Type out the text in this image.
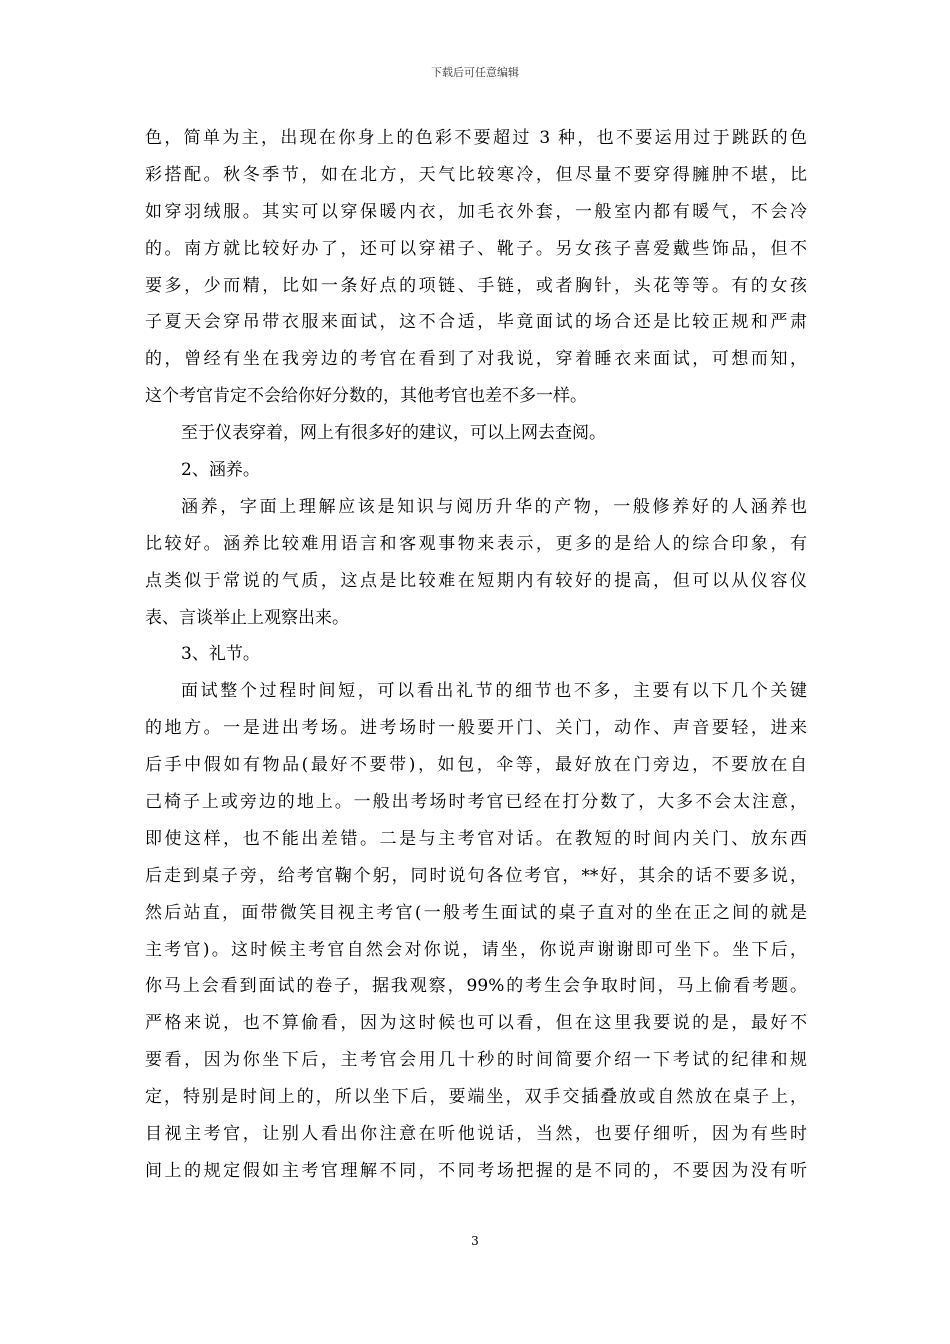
下载后可任意编辑
色，简单为主，出现在你身上的色彩不要超过 3 种，也不要运用过于跳跃的色
彩搭配。秋冬季节，如在北方，天气比较寒冷，但尽量不要穿得臃肿不堪，比
如穿羽绒服。其实可以穿保暖内衣，加毛衣外套，一般室内都有暖气，不会冷
的。南方就比较好办了，还可以穿裙子、靴子。另女孩子喜爱戴些饰品，但不
要多，少而精，比如一条好点的项链、手链，或者胸针，头花等等。有的女孩
子夏天会穿吊带衣服来面试，这不合适，毕竟面试的场合还是比较正规和严肃
的，曾经有坐在我旁边的考官在看到了对我说，穿着睡衣来面试，可想而知，
这个考官肯定不会给你好分数的，其他考官也差不多一样。
至于仪表穿着，网上有很多好的建议，可以上网去查阅。
2、涵养。
涵养，字面上理解应该是知识与阅历升华的产物，一般修养好的人涵养也
比较好。涵养比较难用语言和客观事物来表示，更多的是给人的综合印象，有
点类似于常说的气质，这点是比较难在短期内有较好的提高，但可以从仪容仪
表、言谈举止上观察出来。
3、礼节。
面试整个过程时间短，可以看出礼节的细节也不多，主要有以下几个关键
的地方。一是进出考场。进考场时一般要开门、关门，动作、声音要轻，进来
后手中假如有物品(最好不要带)，如包，伞等，最好放在门旁边，不要放在自
己椅子上或旁边的地上。一般出考场时考官已经在打分数了，大多不会太注意，
即使这样，也不能出差错。二是与主考官对话。在教短的时间内关门、放东西
后走到桌子旁，给考官鞠个躬，同时说句各位考官，**好，其余的话不要多说，
然后站直，面带微笑目视主考官(一般考生面试的桌子直对的坐在正之间的就是
主考官)。这时候主考官自然会对你说，请坐，你说声谢谢即可坐下。坐下后，
你马上会看到面试的卷子，据我观察，99%的考生会争取时间，马上偷看考题。
严格来说，也不算偷看，因为这时候也可以看，但在这里我要说的是，最好不
要看，因为你坐下后，主考官会用几十秒的时间简要介绍一下考试的纪律和规
定，特别是时间上的，所以坐下后，要端坐，双手交插叠放或自然放在桌子上，
目视主考官，让别人看出你注意在听他说话，当然，也要仔细听，因为有些时
间上的规定假如主考官理解不同，不同考场把握的是不同的，不要因为没有听
3
